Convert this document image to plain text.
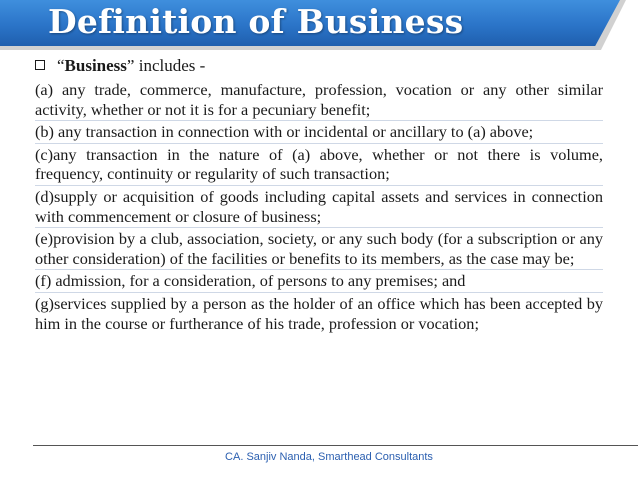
Definition of Business
“Business” includes -
(a) any trade, commerce, manufacture, profession, vocation or any other similar activity, whether or not it is for a pecuniary benefit;
(b) any transaction in connection with or incidental or ancillary to (a) above;
(c)any transaction in the nature of (a) above, whether or not there is volume, frequency, continuity or regularity of such transaction;
(d)supply or acquisition of goods including capital assets and services in connection with commencement or closure of business;
(e)provision by a club, association, society, or any such body (for a subscription or any other consideration) of the facilities or benefits to its members, as the case may be;
(f) admission, for a consideration, of persons to any premises; and
(g)services supplied by a person as the holder of an office which has been accepted by him in the course or furtherance of his trade, profession or vocation;
CA. Sanjiv Nanda, Smarthead Consultants
